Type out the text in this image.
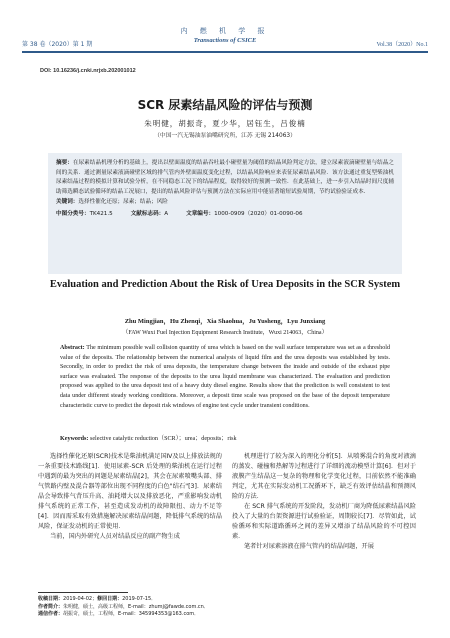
第 38 卷（2020）第 1 期
内 燃 机 学 报
Transactions of CSICE
Vol.38（2020）No.1
DOI: 10.16236/j.cnki.nrjxb.202001012
SCR 尿素结晶风险的评估与预测
朱明健，胡振奇，夏少华，居钰生，吕俊楠
（中国一汽无锡油泵油嘴研究所，江苏 无锡 214063）
摘要：在尿素结晶机理分析的基础上，提出以壁面温度的结晶吞吐最小碰壁量为阈值的结晶风险判定方法，建立尿素液滴碰壁量与结晶之间的关系．通过测量尿素液滴碰壁区域的排气管内外壁面温度变化过程，以结晶风险响应来表征尿素结晶风险．该方法通过重复型柴油机尿素结晶过程的模拟计算和试验分析，在不同稳态工况下的结晶程度，取得较好的预测一致性．在此基础上，进一步引入结晶时间尺度辅助筛选瞬态试验循环的结晶工况展口，提出的结晶风险评估与预测方法在实际应用中能显著缩短试验周期，节约试验验证成本．
关键词：选择性催化还原；尿素；结晶；风险
中图分类号：TK421.5	文献标志码：A	文章编号：1000-0909（2020）01-0090-06
Evaluation and Prediction About the Risk of Urea Deposits in the SCR System
Zhu Mingjian，Hu Zhenqi，Xia Shaohua，Ju Yusheng，Lyu Junxiang
（FAW Wuxi Fuel Injection Equipment Research Institute，Wuxi 214063，China）
Abstract: The minimum possible wall collision quantity of urea which is based on the wall surface temperature was set as a threshold value of the deposits. The relationship between the numerical analysis of liquid film and the urea deposits was established by tests. Secondly, in order to predict the risk of urea deposits, the temperature change between the inside and outside of the exhaust pipe surface was evaluated. The response of the deposits to the urea liquid membrane was characterized. The evaluation and prediction proposed was applied to the urea deposit test of a heavy duty diesel engine. Results show that the prediction is well consistent to test data under different steady working conditions. Moreover, a deposit time scale was proposed on the base of the deposit temperature characteristic curve to predict the deposit risk windows of engine test cycle under transient conditions.
Keywords: selective catalytic reduction（SCR）；urea；deposits；risk

选择性催化还原(SCR)技术是柴油机满足国Ⅳ及以上排放法规的一条重要技术路线[1]．使用尿素-SCR 后处理的柴油机在运行过程中遇到的最为突出的问题是尿素结晶[2]，其会在尿素喷嘴头部、排气管路内壁及混合器等部位出现不同程度的白色"结石"[3]．尿素结晶会导致排气背压升高、油耗增大以及排放恶化，严重影响发动机排气系统的正常工作，甚至造成发动机的故障限扭、动力不足等[4]．因而需采取有效措施解决尿素结晶问题，降低排气系统的结晶风险，保证发动机的正常使用．

当前，国内外研究人员对结晶反应的副产物生成

机理进行了较为深入的理化分析[5]．从喷雾混合的角度对液滴的蒸发、碰撞和热解等过程进行了详细的流动模型计算[6]．但对于液膜产生结晶这一复杂的物理和化学变化过程，目前依然不能准确判定，尤其在实际发动机工况循环下，缺乏有效评估结晶和预测风险的方法．

在 SCR 排气系统的开发阶段，发动机厂商为降低尿素结晶风险投入了大量的台架资源进行试验验证，周期较长[7]．尽管如此，试验循环和实际道路循环之间的差异又增添了结晶风险的不可控因素．

笔者针对尿素溶液在排气管内的结晶问题，开展

收稿日期：2019-04-02；修回日期：2019-07-15．
作者简介：朱明健，硕士，高级工程师，E-mail：zhumj@fawde.com.cn．
通信作者：胡振奇，硕士，工程师，E-mail：345994353@163.com．
